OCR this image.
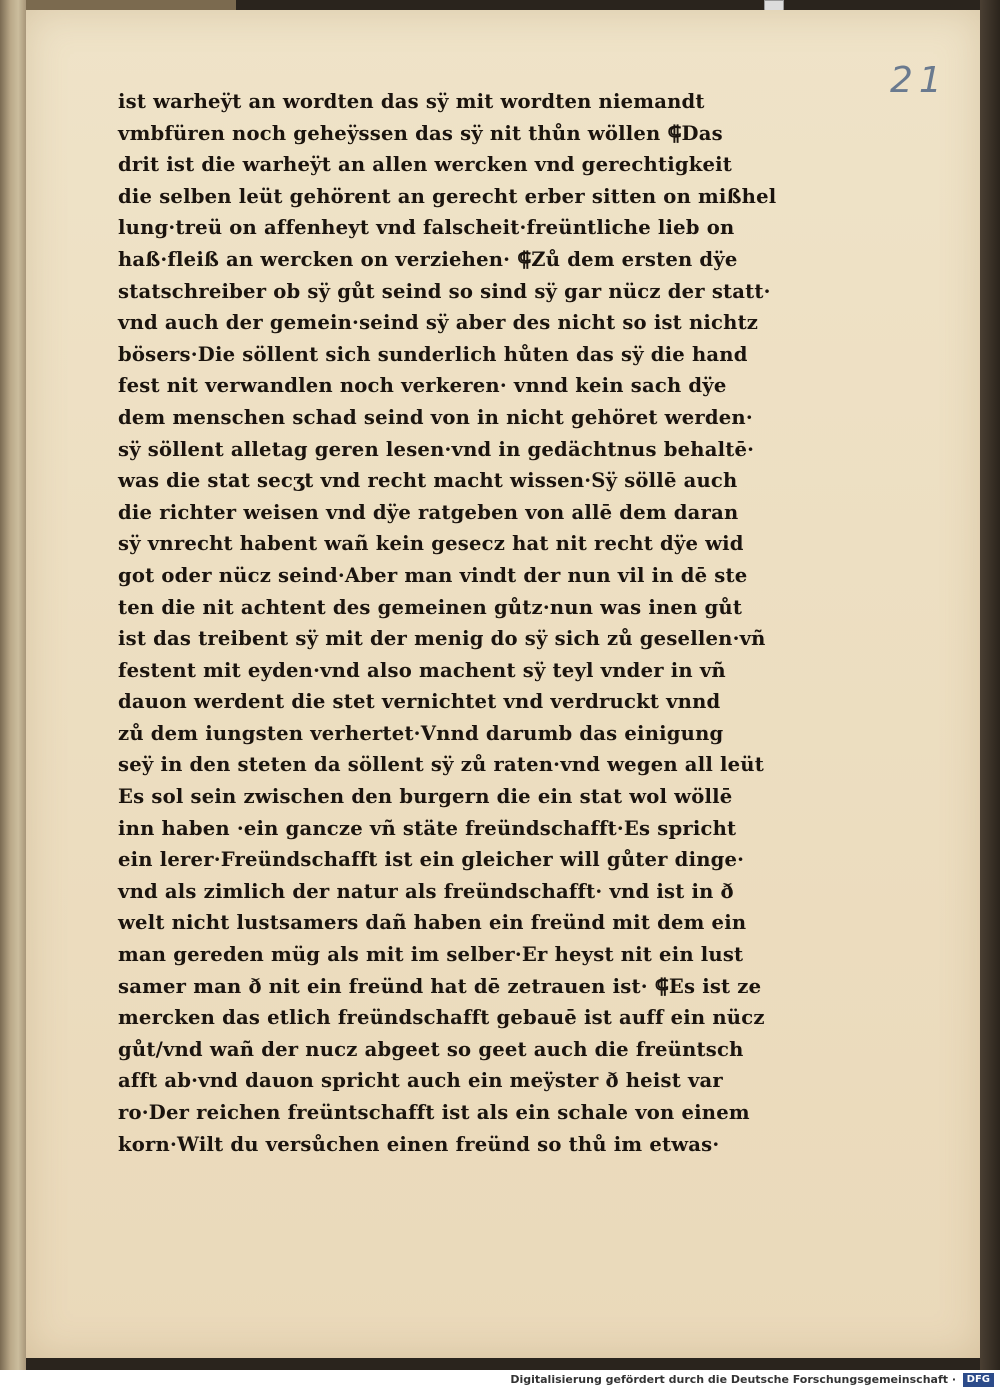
21
ist warheÿt an wordten das sÿ mit wordten niemandt
vmbfüren noch geheÿssen das sÿ nit thůn wöllen ⸿Das
drit ist die warheÿt an allen wercken vnd gerechtigkeit
die selben leüt gehörent an gerecht erber sitten on mißhel
lung·treü on affenheyt vnd falscheit·freüntliche lieb on
haß·fleiß an wercken on verziehen· ⸿Zů dem ersten dÿe
statschreiber ob sÿ gůt seind so sind sÿ gar nücz der statt·
vnd auch der gemein·seind sÿ aber des nicht so ist nichtz
bösers·Die söllent sich sunderlich hůten das sÿ die hand
fest nit verwandlen noch verkeren· vnnd kein sach dÿe
dem menschen schad seind von in nicht gehöret werden·
sÿ söllent alletag geren lesen·vnd in gedächtnus behaltē·
was die stat secʒt vnd recht macht wissen·Sÿ söllē auch
die richter weisen vnd dÿe ratgeben von allē dem daran
sÿ vnrecht habent wañ kein gesecz hat nit recht dÿe wid
got oder nücz seind·Aber man vindt der nun vil in dē ste
ten die nit achtent des gemeinen gůtz·nun was inen gůt
ist das treibent sÿ mit der menig do sÿ sich zů gesellen·vñ
festent mit eyden·vnd also machent sÿ teyl vnder in vñ
dauon werdent die stet vernichtet vnd verdruckt vnnd
zů dem iungsten verhertet·Vnnd darumb das einigung
seÿ in den steten da söllent sÿ zů raten·vnd wegen all leüt
Es sol sein zwischen den burgern die ein stat wol wöllē
inn haben ·ein gancze vñ stäte freündschafft·Es spricht
ein lerer·Freündschafft ist ein gleicher will gůter dinge·
vnd als zimlich der natur als freündschafft· vnd ist in ð
welt nicht lustsamers dañ haben ein freünd mit dem ein
man gereden müg als mit im selber·Er heyst nit ein lust
samer man ð nit ein freünd hat dē zetrauen ist· ⸿Es ist ze
mercken das etlich freündschafft gebauē ist auff ein nücz
gůt/vnd wañ der nucz abgeet so geet auch die freüntsch
afft ab·vnd dauon spricht auch ein meÿster ð heist var
ro·Der reichen freüntschafft ist als ein schale von einem
korn·Wilt du versůchen einen freünd so thů im etwas·
Digitalisierung gefördert durch die Deutsche Forschungsgemeinschaft ·	DFG
